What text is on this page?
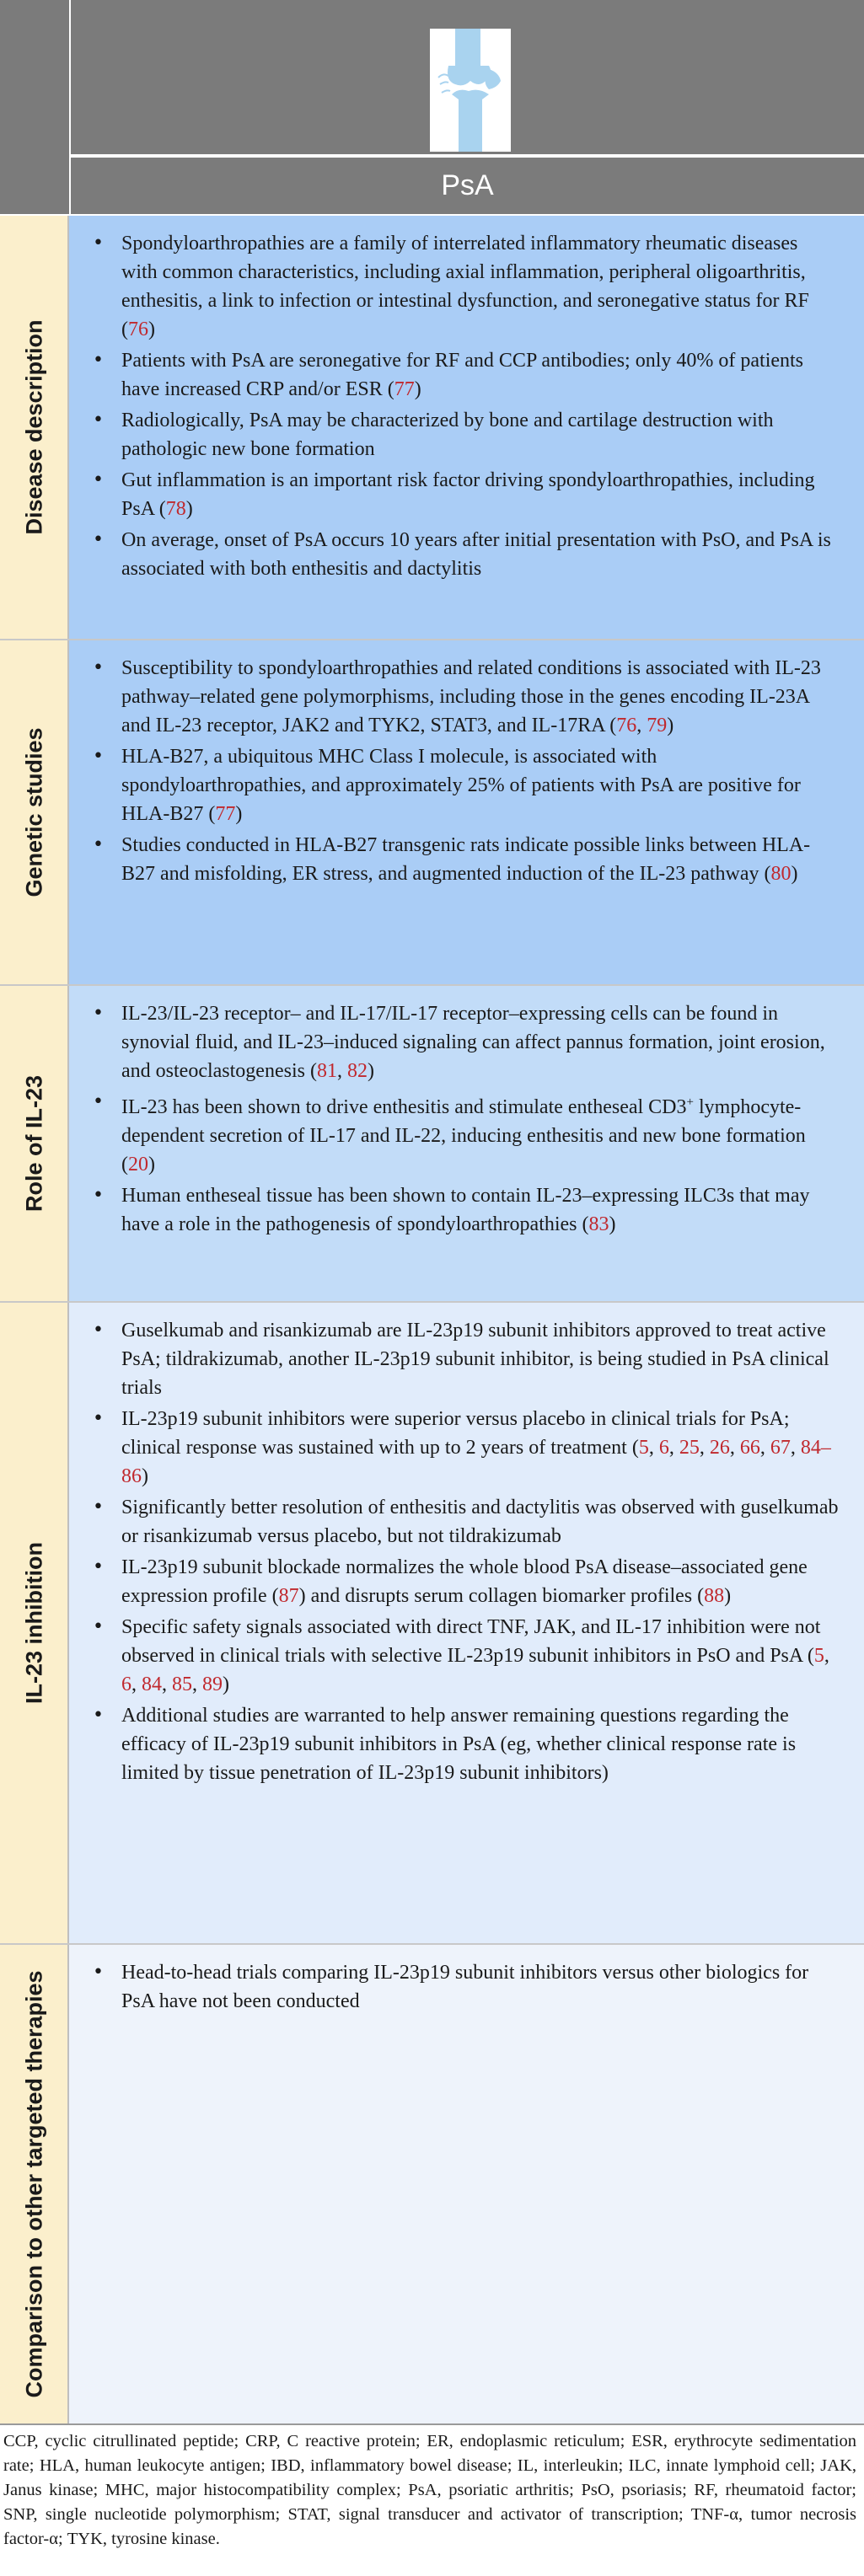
PsA
Disease description
• Spondyloarthropathies are a family of interrelated inflammatory rheumatic diseases with common characteristics, including axial inflammation, peripheral oligoarthritis, enthesitis, a link to infection or intestinal dysfunction, and seronegative status for RF (76)
• Patients with PsA are seronegative for RF and CCP antibodies; only 40% of patients have increased CRP and/or ESR (77)
• Radiologically, PsA may be characterized by bone and cartilage destruction with pathologic new bone formation
• Gut inflammation is an important risk factor driving spondyloarthropathies, including PsA (78)
• On average, onset of PsA occurs 10 years after initial presentation with PsO, and PsA is associated with both enthesitis and dactylitis
Genetic studies
• Susceptibility to spondyloarthropathies and related conditions is associated with IL-23 pathway–related gene polymorphisms, including those in the genes encoding IL-23A and IL-23 receptor, JAK2 and TYK2, STAT3, and IL-17RA (76, 79)
• HLA-B27, a ubiquitous MHC Class I molecule, is associated with spondyloarthropathies, and approximately 25% of patients with PsA are positive for HLA-B27 (77)
• Studies conducted in HLA-B27 transgenic rats indicate possible links between HLA-B27 and misfolding, ER stress, and augmented induction of the IL-23 pathway (80)
Role of IL-23
• IL-23/IL-23 receptor– and IL-17/IL-17 receptor–expressing cells can be found in synovial fluid, and IL-23–induced signaling can affect pannus formation, joint erosion, and osteoclastogenesis (81, 82)
• IL-23 has been shown to drive enthesitis and stimulate entheseal CD3+ lymphocyte-dependent secretion of IL-17 and IL-22, inducing enthesitis and new bone formation (20)
• Human entheseal tissue has been shown to contain IL-23–expressing ILC3s that may have a role in the pathogenesis of spondyloarthropathies (83)
IL-23 inhibition
• Guselkumab and risankizumab are IL-23p19 subunit inhibitors approved to treat active PsA; tildrakizumab, another IL-23p19 subunit inhibitor, is being studied in PsA clinical trials
• IL-23p19 subunit inhibitors were superior versus placebo in clinical trials for PsA; clinical response was sustained with up to 2 years of treatment (5, 6, 25, 26, 66, 67, 84–86)
• Significantly better resolution of enthesitis and dactylitis was observed with guselkumab or risankizumab versus placebo, but not tildrakizumab
• IL-23p19 subunit blockade normalizes the whole blood PsA disease–associated gene expression profile (87) and disrupts serum collagen biomarker profiles (88)
• Specific safety signals associated with direct TNF, JAK, and IL-17 inhibition were not observed in clinical trials with selective IL-23p19 subunit inhibitors in PsO and PsA (5, 6, 84, 85, 89)
• Additional studies are warranted to help answer remaining questions regarding the efficacy of IL-23p19 subunit inhibitors in PsA (eg, whether clinical response rate is limited by tissue penetration of IL-23p19 subunit inhibitors)
Comparison to other targeted therapies
•	Head-to-head trials comparing IL-23p19 subunit inhibitors versus other biologics for PsA have not been conducted
CCP, cyclic citrullinated peptide; CRP, C reactive protein; ER, endoplasmic reticulum; ESR, erythrocyte sedimentation rate; HLA, human leukocyte antigen; IBD, inflammatory bowel disease; IL, interleukin; ILC, innate lymphoid cell; JAK, Janus kinase; MHC, major histocompatibility complex; PsA, psoriatic arthritis; PsO, psoriasis; RF, rheumatoid factor; SNP, single nucleotide polymorphism; STAT, signal transducer and activator of transcription; TNF-α, tumor necrosis factor-α; TYK, tyrosine kinase.
